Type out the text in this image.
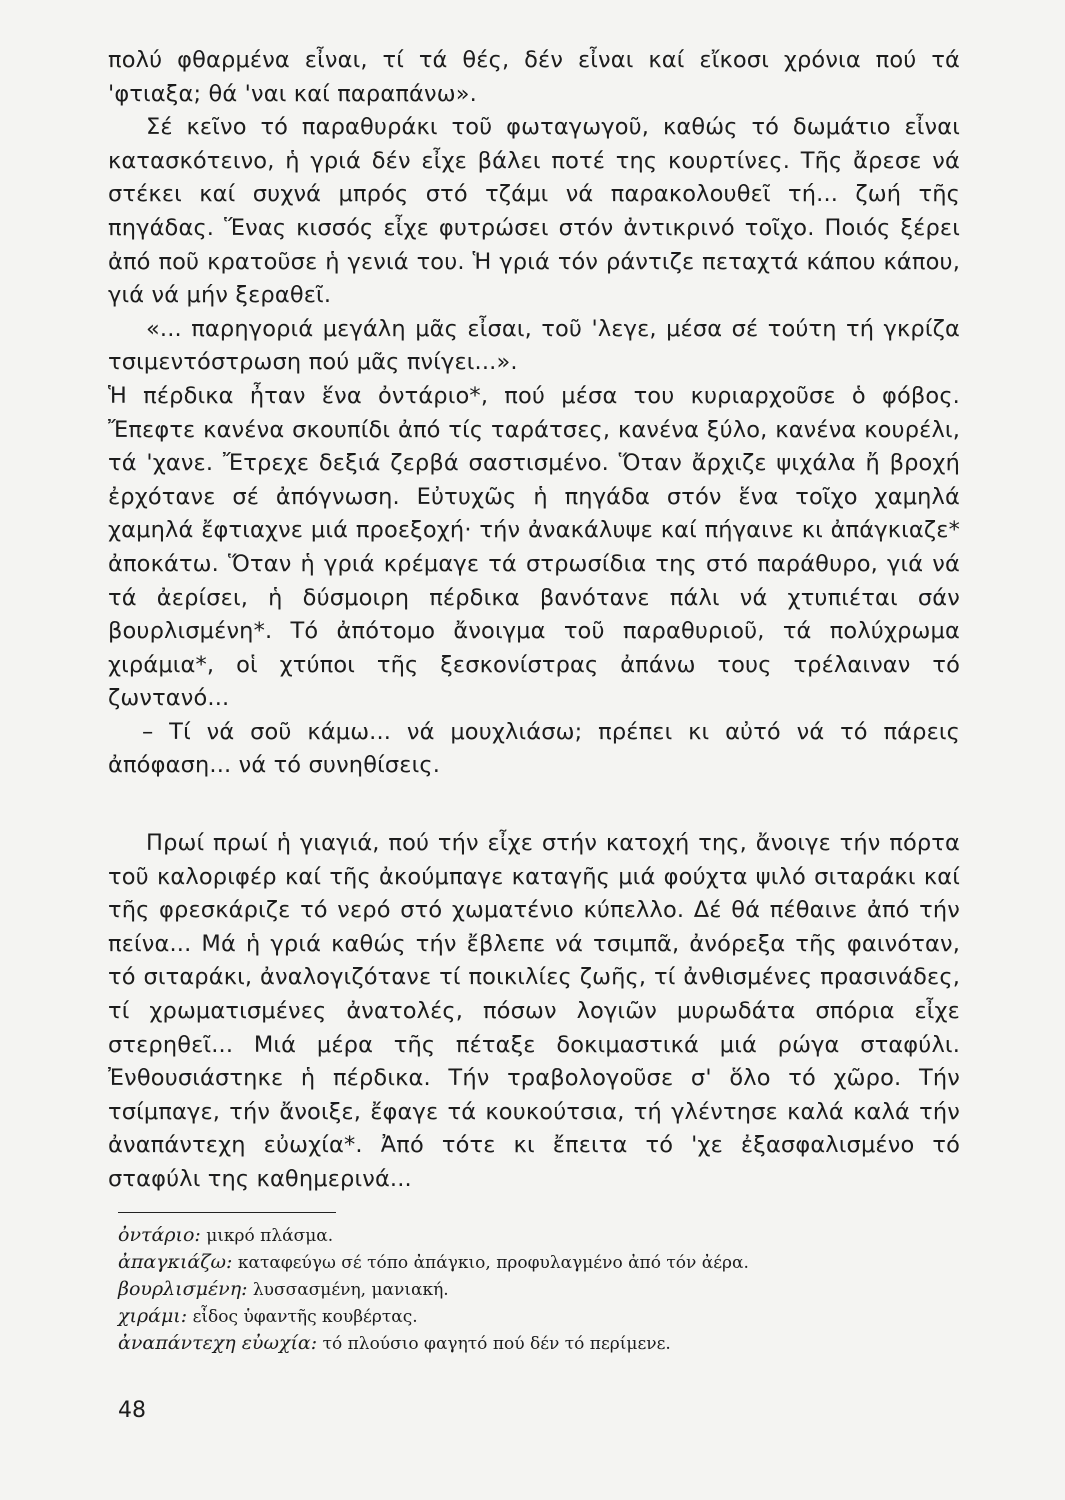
πολύ φθαρμένα εἶναι, τί τά θές, δέν εἶναι καί εἴκοσι χρόνια πού τά 'φτιαξα; θά 'ναι καί παραπάνω».

Σέ κεῖνο τό παραθυράκι τοῦ φωταγωγοῦ, καθώς τό δωμάτιο εἶναι κατασκότεινο, ἡ γριά δέν εἶχε βάλει ποτέ της κουρτίνες. Τῆς ἄρεσε νά στέκει καί συχνά μπρός στό τζάμι νά παρακολουθεῖ τή... ζωή τῆς πηγάδας. Ἕνας κισσός εἶχε φυτρώσει στόν ἀντικρινό τοῖχο. Ποιός ξέρει ἀπό ποῦ κρατοῦσε ἡ γενιά του. Ἡ γριά τόν ράντιζε πεταχτά κάπου κάπου, γιά νά μήν ξεραθεῖ.

«... παρηγοριά μεγάλη μᾶς εἶσαι, τοῦ 'λεγε, μέσα σέ τούτη τή γκρίζα τσιμεντόστρωση πού μᾶς πνίγει...».

Ἡ πέρδικα ἦταν ἕνα ὀντάριο*, πού μέσα του κυριαρχοῦσε ὁ φόβος. Ἔπεφτε κανένα σκουπίδι ἀπό τίς ταράτσες, κανένα ξύλο, κανένα κουρέλι, τά 'χανε. Ἔτρεχε δεξιά ζερβά σαστισμένο. Ὅταν ἄρχιζε ψιχάλα ἤ βροχή ἐρχότανε σέ ἀπόγνωση. Εὐτυχῶς ἡ πηγάδα στόν ἕνα τοῖχο χαμηλά χαμηλά ἔφτιαχνε μιά προεξοχή· τήν ἀνακάλυψε καί πήγαινε κι ἀπάγκιαζε* ἀποκάτω. Ὅταν ἡ γριά κρέμαγε τά στρωσίδια της στό παράθυρο, γιά νά τά ἀερίσει, ἡ δύσμοιρη πέρδικα βανότανε πάλι νά χτυπιέται σάν βουρλισμένη*. Τό ἀπότομο ἄνοιγμα τοῦ παραθυριοῦ, τά πολύχρωμα χιράμια*, οἱ χτύποι τῆς ξεσκονίστρας ἀπάνω τους τρέλαιναν τό ζωντανό...

– Τί νά σοῦ κάμω... νά μουχλιάσω; πρέπει κι αὐτό νά τό πάρεις ἀπόφαση... νά τό συνηθίσεις.

Πρωί πρωί ἡ γιαγιά, πού τήν εἶχε στήν κατοχή της, ἄνοιγε τήν πόρτα τοῦ καλοριφέρ καί τῆς ἀκούμπαγε καταγῆς μιά φούχτα ψιλό σιταράκι καί τῆς φρεσκάριζε τό νερό στό χωματένιο κύπελλο. Δέ θά πέθαινε ἀπό τήν πείνα... Μά ἡ γριά καθώς τήν ἔβλεπε νά τσιμπᾶ, ἀνόρεξα τῆς φαινόταν, τό σιταράκι, ἀναλογιζότανε τί ποικιλίες ζωῆς, τί ἀνθισμένες πρασινάδες, τί χρωματισμένες ἀνατολές, πόσων λογιῶν μυρωδάτα σπόρια εἶχε στερηθεῖ... Μιά μέρα τῆς πέταξε δοκιμαστικά μιά ρώγα σταφύλι. Ἐνθουσιάστηκε ἡ πέρδικα. Τήν τραβολογοῦσε σ' ὅλο τό χῶρο. Τήν τσίμπαγε, τήν ἄνοιξε, ἔφαγε τά κουκούτσια, τή γλέντησε καλά καλά τήν ἀναπάντεχη εὐωχία*. Ἀπό τότε κι ἔπειτα τό 'χε ἐξασφαλισμένο τό σταφύλι της καθημερινά...

ὀντάριο: μικρό πλάσμα.
ἀπαγκιάζω: καταφεύγω σέ τόπο ἀπάγκιο, προφυλαγμένο ἀπό τόν ἀέρα.
βουρλισμένη: λυσσασμένη, μανιακή.
χιράμι: εἶδος ὑφαντῆς κουβέρτας.
ἀναπάντεχη εὐωχία: τό πλούσιο φαγητό πού δέν τό περίμενε.
48
